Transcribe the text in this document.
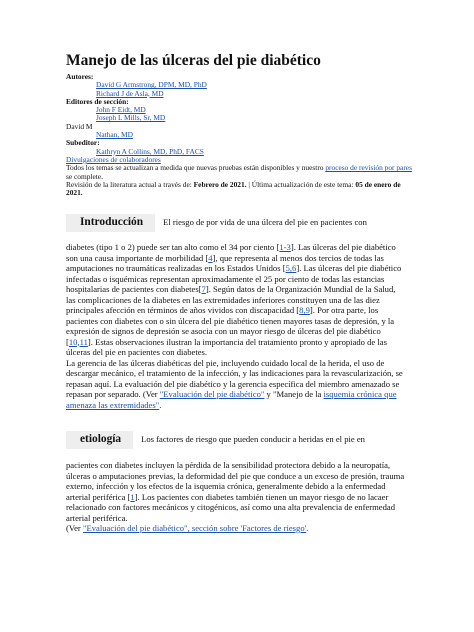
Manejo de las úlceras del pie diabético
Autores:
David G Armstrong, DPM, MD, PhD
Richard J de Asla, MD
Editores de sección:
John F Eidt, MD
Joseph L Mills, Sr, MD
David M
Nathan, MD
Subeditor:
Kathryn A Collins, MD, PhD, FACS
Divulgaciones de colaboradores
Todos los temas se actualizan a medida que nuevas pruebas están disponibles y nuestro proceso de revisión por pares se complete.
Revisión de la literatura actual a través de: Febrero de 2021. | Última actualización de este tema: 05 de enero de 2021.
Introducción El riesgo de por vida de una úlcera del pie en pacientes con

diabetes (tipo 1 o 2) puede ser tan alto como el 34 por ciento [1-3]. Las úlceras del pie diabético son una causa importante de morbilidad [4], que representa al menos dos tercios de todas las amputaciones no traumáticas realizadas en los Estados Unidos [5,6]. Las úlceras del pie diabético infectadas o isquémicas representan aproximadamente el 25 por ciento de todas las estancias hospitalarias de pacientes con diabetes[7]. Según datos de la Organización Mundial de la Salud, las complicaciones de la diabetes en las extremidades inferiores constituyen una de las diez principales afección en términos de años vividos con discapacidad [8,9]. Por otra parte, los pacientes con diabetes con o sin úlcera del pie diabético tienen mayores tasas de depresión, y la expresión de signos de depresión se asocia con un mayor riesgo de úlceras del pie diabético [10,11]. Estas observaciones ilustran la importancia del tratamiento pronto y apropiado de las úlceras del pie en pacientes con diabetes.

La gerencia de las úlceras diabéticas del pie, incluyendo cuidado local de la herida, el uso de descargar mecánico, el tratamiento de la infección, y las indicaciones para la revascularización, se repasan aquí. La evaluación del pie diabético y la gerencia específica del miembro amenazado se repasan por separado. (Ver "Evaluación del pie diabético" y "Manejo de la isquemia crónica que amenaza las extremidades".

etiología Los factores de riesgo que pueden conducir a heridas en el pie en

pacientes con diabetes incluyen la pérdida de la sensibilidad protectora debido a la neuropatía, úlceras o amputaciones previas, la deformidad del pie que conduce a un exceso de presión, trauma externo, infección y los efectos de la isquemia crónica, generalmente debido a la enfermedad arterial periférica [1]. Los pacientes con diabetes también tienen un mayor riesgo de no lacaer relacionado con factores mecánicos y citogénicos, así como una alta prevalencia de enfermedad arterial periférica.

(Ver "Evaluación del pie diabético", sección sobre 'Factores de riesgo'.
